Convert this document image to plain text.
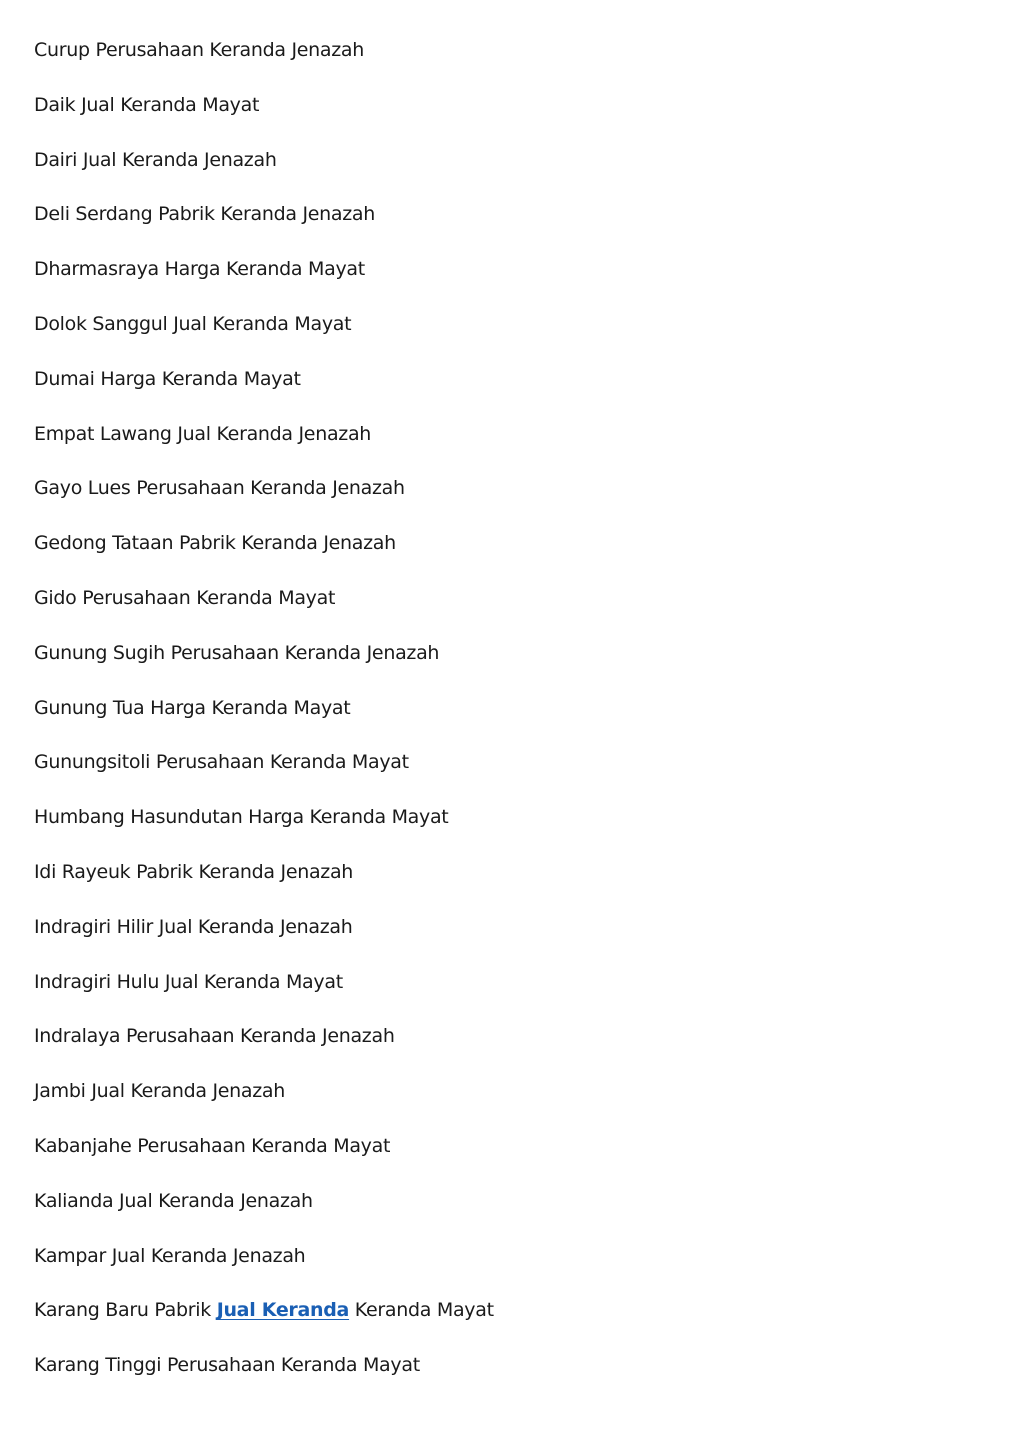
Curup Perusahaan Keranda Jenazah
Daik Jual Keranda Mayat
Dairi Jual Keranda Jenazah
Deli Serdang Pabrik Keranda Jenazah
Dharmasraya Harga Keranda Mayat
Dolok Sanggul Jual Keranda Mayat
Dumai Harga Keranda Mayat
Empat Lawang Jual Keranda Jenazah
Gayo Lues Perusahaan Keranda Jenazah
Gedong Tataan Pabrik Keranda Jenazah
Gido Perusahaan Keranda Mayat
Gunung Sugih Perusahaan Keranda Jenazah
Gunung Tua Harga Keranda Mayat
Gunungsitoli Perusahaan Keranda Mayat
Humbang Hasundutan Harga Keranda Mayat
Idi Rayeuk Pabrik Keranda Jenazah
Indragiri Hilir Jual Keranda Jenazah
Indragiri Hulu Jual Keranda Mayat
Indralaya Perusahaan Keranda Jenazah
Jambi Jual Keranda Jenazah
Kabanjahe Perusahaan Keranda Mayat
Kalianda Jual Keranda Jenazah
Kampar Jual Keranda Jenazah
Karang Baru Pabrik Jual Keranda Keranda Mayat
Karang Tinggi Perusahaan Keranda Mayat
